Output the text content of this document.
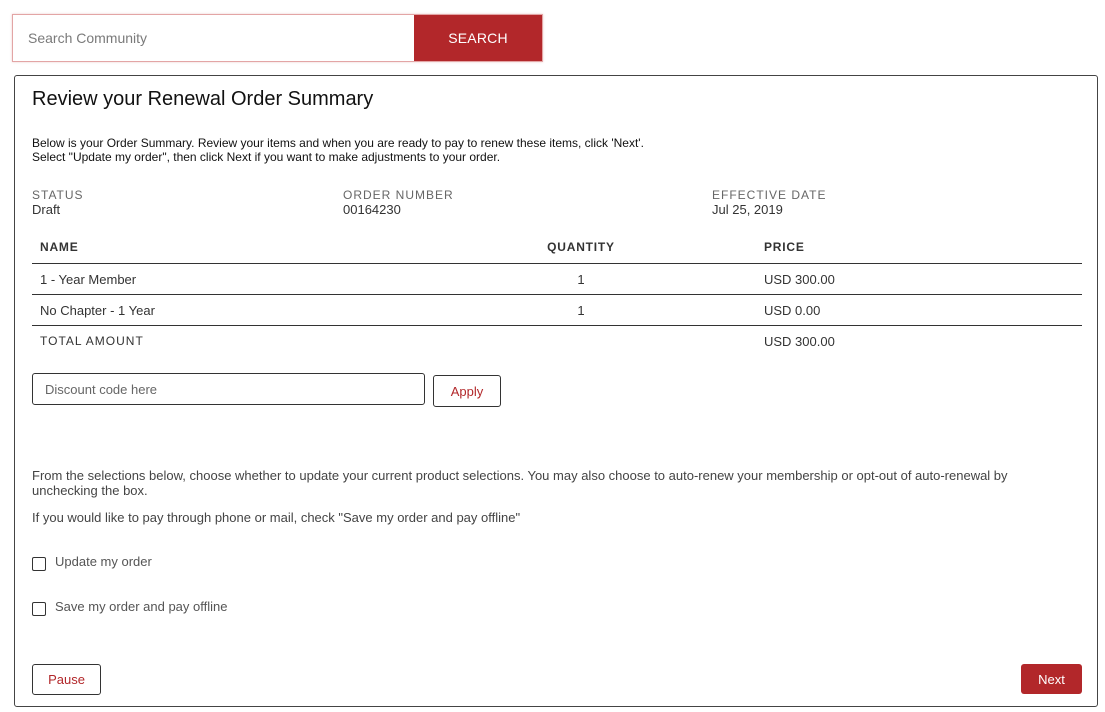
Search Community
SEARCH
Review your Renewal Order Summary
Below is your Order Summary. Review your items and when you are ready to pay to renew these items, click 'Next'.
Select "Update my order", then click Next if you want to make adjustments to your order.
STATUS
Draft
ORDER NUMBER
00164230
EFFECTIVE DATE
Jul 25, 2019
NAME	QUANTITY	PRICE
1 - Year Member	1	USD 300.00
No Chapter - 1 Year	1	USD 0.00
TOTAL AMOUNT		USD 300.00
Discount code here
Apply
From the selections below, choose whether to update your current product selections. You may also choose to auto-renew your membership or opt-out of auto-renewal by unchecking the box.
If you would like to pay through phone or mail, check "Save my order and pay offline"
Update my order
Save my order and pay offline
Pause	Next
